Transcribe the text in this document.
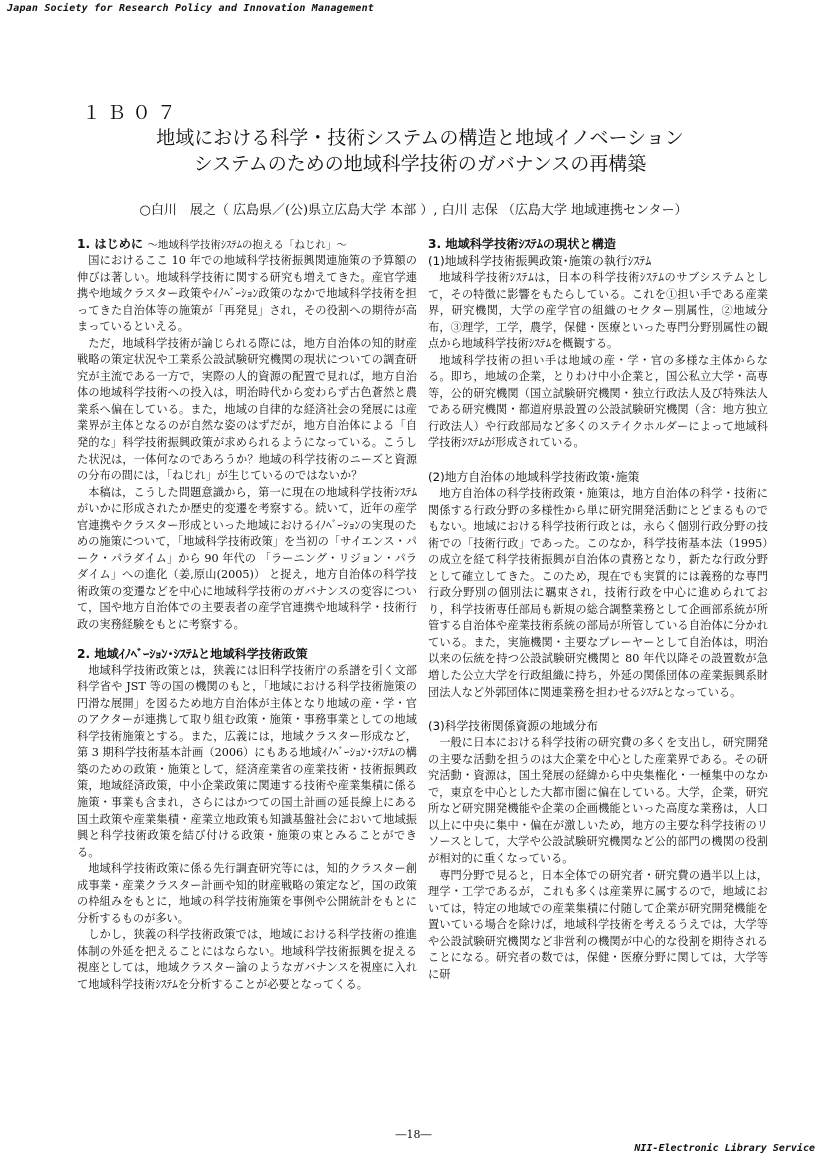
Japan Society for Research Policy and Innovation Management
１Ｂ０７
地域における科学・技術システムの構造と地域イノベーション
システムのための地域科学技術のガバナンスの再構築
○白川　展之（ 広島県／(公)県立広島大学 本部 ）, 白川 志保 （広島大学 地域連携センター）
1. はじめに ～地域科学技術ｼｽﾃﾑの抱える「ねじれ」～

国におけるここ 10 年での地域科学技術振興関連施策の予算額の伸びは著しい。地域科学技術に関する研究も増えてきた。産官学連携や地域クラスター政策やｲﾉﾍﾞｰｼｮﾝ政策のなかで地域科学技術を担ってきた自治体等の施策が「再発見」され，その役割への期待が高まっているといえる。

ただ，地域科学技術が論じられる際には，地方自治体の知的財産戦略の策定状況や工業系公設試験研究機関の現状についての調査研究が主流である一方で，実際の人的資源の配置で見れば，地方自治体の地域科学技術への投入は，明治時代から変わらず古色蒼然と農業系へ偏在している。また，地域の自律的な経済社会の発展には産業界が主体となるのが自然な姿のはずだが，地方自治体による「自発的な」科学技術振興政策が求められるようになっている。こうした状況は，一体何なのであろうか？地域の科学技術のニーズと資源の分布の間には，「ねじれ」が生じているのではないか？

本稿は，こうした問題意識から，第一に現在の地域科学技術ｼｽﾃﾑがいかに形成されたか歴史的変遷を考察する。続いて，近年の産学官連携やクラスター形成といった地域におけるｲﾉﾍﾞｰｼｮﾝの実現のための施策について，「地域科学技術政策」を当初の「サイエンス・パーク・パラダイム」から 90 年代の 「ラーニング・リジョン・パラダイム」への進化（姜,原山(2005)） と捉え，地方自治体の科学技術政策の変遷などを中心に地域科学技術のガバナンスの変容について，国や地方自治体での主要表者の産学官連携や地域科学・技術行政の実務経験をもとに考察する。

2. 地域ｲﾉﾍﾞｰｼｮﾝ･ｼｽﾃﾑと地域科学技術政策

地域科学技術政策とは，狭義には旧科学技術庁の系譜を引く文部科学省や JST 等の国の機関のもと，「地域における科学技術施策の円滑な展開」を図るため地方自治体が主体となり地域の産・学・官のアクターが連携して取り組む政策・施策・事務事業としての地域科学技術施策とする。また，広義には，地域クラスター形成など，第 3 期科学技術基本計画（2006）にもある地域ｲﾉﾍﾞｰｼｮﾝ･ｼｽﾃﾑの構築のための政策・施策として，経済産業省の産業技術・技術振興政策，地域経済政策，中小企業政策に関連する技術や産業集積に係る施策・事業も含まれ，さらにはかつての国土計画の延長線上にある国土政策や産業集積・産業立地政策も知識基盤社会において地域振興と科学技術政策を結び付ける政策・施策の束とみることができる。

地域科学技術政策に係る先行調査研究等には，知的クラスター創成事業・産業クラスター計画や知的財産戦略の策定など，国の政策の枠組みをもとに，地域の科学技術施策を事例や公開統計をもとに分析するものが多い。

しかし，狭義の科学技術政策では，地域における科学技術の推進体制の外延を把えることにはならない。地域科学技術振興を捉える視座としては，地域クラスター論のようなガバナンスを視座に入れて地域科学技術ｼｽﾃﾑを分析することが必要となってくる。

3. 地域科学技術ｼｽﾃﾑの現状と構造
(1)地域科学技術振興政策･施策の執行ｼｽﾃﾑ

地域科学技術ｼｽﾃﾑは，日本の科学技術ｼｽﾃﾑのサブシステムとして，その特徴に影響をもたらしている。これを①担い手である産業界，研究機関，大学の産学官の組織のセクター別属性，②地域分布，③理学，工学，農学，保健・医療といった専門分野別属性の観点から地域科学技術ｼｽﾃﾑを概観する。

地域科学技術の担い手は地域の産・学・官の多様な主体からなる。即ち，地域の企業，とりわけ中小企業と，国公私立大学・高専等，公的研究機関（国立試験研究機関・独立行政法人及び特殊法人である研究機関・都道府県設置の公設試験研究機関（含：地方独立行政法人）や行政部局など多くのステイクホルダーによって地域科学技術ｼｽﾃﾑが形成されている。

(2)地方自治体の地域科学技術政策･施策

地方自治体の科学技術政策・施策は，地方自治体の科学・技術に関係する行政分野の多様性から単に研究開発活動にとどまるものでもない。地域における科学技術行政とは，永らく個別行政分野の技術での「技術行政」であった。このなか，科学技術基本法（1995）の成立を経て科学技術振興が自治体の責務となり，新たな行政分野として確立してきた。このため，現在でも実質的には義務的な専門行政分野別の個別法に羈束され，技術行政を中心に進められており，科学技術専任部局も新規の総合調整業務として企画部系統が所管する自治体や産業技術系統の部局が所管している自治体に分かれている。また，実施機関・主要なプレーヤーとして自治体は，明治以来の伝統を持つ公設試験研究機関と 80 年代以降その設置数が急増した公立大学を行政組織に持ち，外延の関係団体の産業振興系財団法人など外郭団体に関連業務を担わせるｼｽﾃﾑとなっている。

(3)科学技術関係資源の地域分布

一般に日本における科学技術の研究費の多くを支出し，研究開発の主要な活動を担うのは大企業を中心とした産業界である。その研究活動・資源は，国土発展の経緯から中央集権化・一極集中のなかで，東京を中心とした大都市圏に偏在している。大学，企業，研究所など研究開発機能や企業の企画機能といった高度な業務は，人口以上に中央に集中・偏在が激しいため，地方の主要な科学技術のリソースとして，大学や公設試験研究機関など公的部門の機関の役割が相対的に重くなっている。

専門分野で見ると，日本全体での研究者・研究費の過半以上は，理学・工学であるが，これも多くは産業界に属するので，地域においては，特定の地域での産業集積に付随して企業が研究開発機能を置いている場合を除けば，地域科学技術を考えるうえでは，大学等や公設試験研究機関など非営利の機関が中心的な役割を期待されることになる。研究者の数では，保健・医療分野に関しては，大学等に研

―18―
NII-Electronic Library Service
